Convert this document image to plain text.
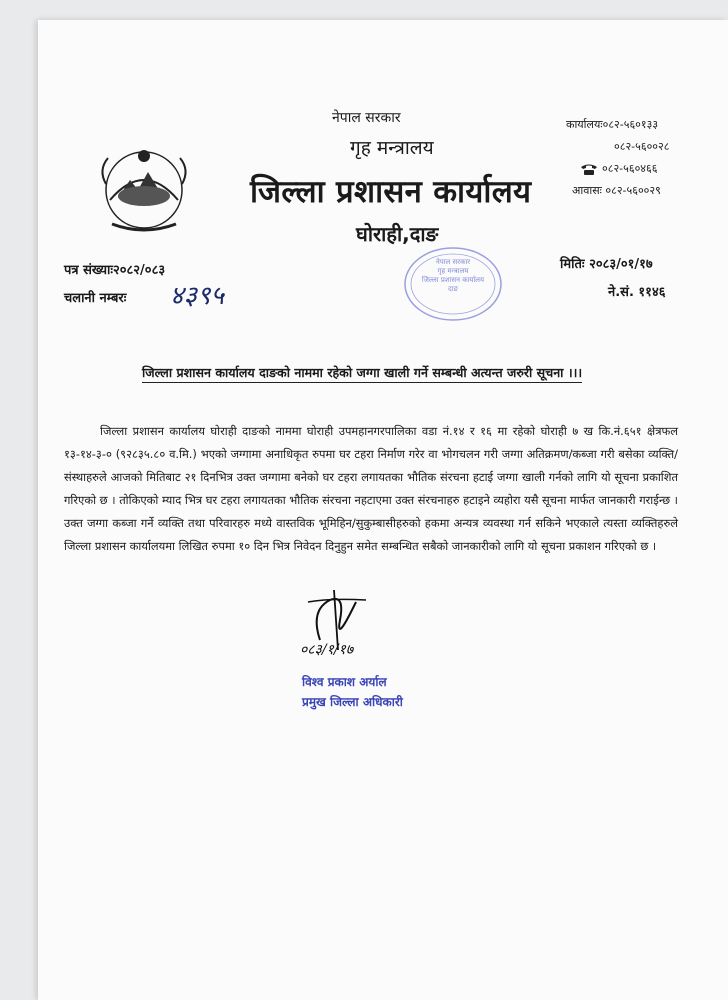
नेपाल सरकार
गृह मन्त्रालय
जिल्ला प्रशासन कार्यालय
घोराही,दाङ
कार्यालयः०८२-५६०१३३
०८२-५६००२८
०८२-५६०४६६
आवासः ०८२-५६००२९
नेपाल सरकार
गृह मन्त्रालय
जिल्ला प्रशासन कार्यालय
दाङ
पत्र संख्याः२०८२/०८३
चलानी नम्बरः ४३९५
मितिः २०८३/०१/१७
ने.सं. ११४६
जिल्ला प्रशासन कार्यालय दाङको नाममा रहेको जग्गा खाली गर्ने सम्बन्धी अत्यन्त जरुरी सूचना ।।।
जिल्ला प्रशासन कार्यालय घोराही दाङको नाममा घोराही उपमहानगरपालिका वडा नं.१४ र १६ मा रहेको घोराही ७ ख कि.नं.६५१ क्षेत्रफल १३-१४-३-० (९२८३५.८० व.मि.) भएको जग्गामा अनाधिकृत रुपमा घर टहरा निर्माण गरेर वा भोगचलन गरी जग्गा अतिक्रमण/कब्जा गरी बसेका व्यक्ति/संस्थाहरुले आजको मितिबाट २१ दिनभित्र उक्त जग्गामा बनेको घर टहरा लगायतका भौतिक संरचना हटाई जग्गा खाली गर्नको लागि यो सूचना प्रकाशित गरिएको छ । तोकिएको म्याद भित्र घर टहरा लगायतका भौतिक संरचना नहटाएमा उक्त संरचनाहरु हटाइने व्यहोरा यसै सूचना मार्फत जानकारी गराईन्छ । उक्त जग्गा कब्जा गर्ने व्यक्ति तथा परिवारहरु मध्ये वास्तविक भूमिहिन/सुकुम्बासीहरुको हकमा अन्यत्र व्यवस्था गर्न सकिने भएकाले त्यस्ता व्यक्तिहरुले जिल्ला प्रशासन कार्यालयमा लिखित रुपमा १० दिन भित्र निवेदन दिनुहुन समेत सम्बन्धित सबैको जानकारीको लागि यो सूचना प्रकाशन गरिएको छ ।
०८३/१/१७
विश्व प्रकाश अर्याल
प्रमुख जिल्ला अधिकारी
